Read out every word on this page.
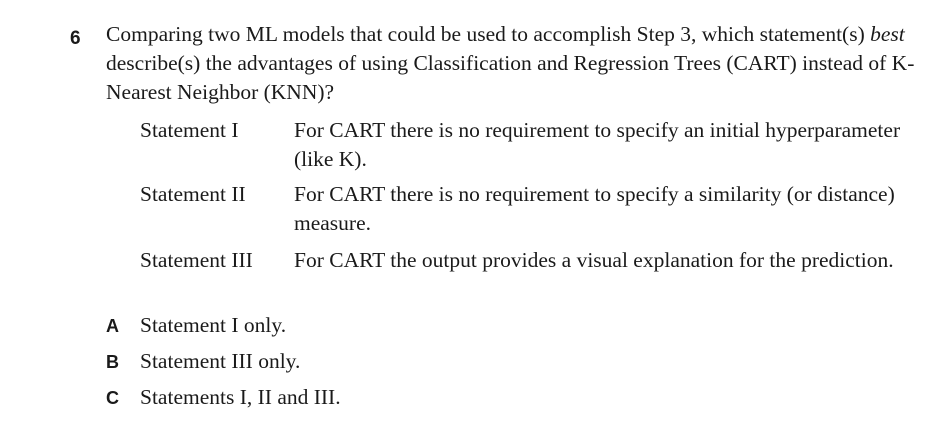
6 Comparing two ML models that could be used to accomplish Step 3, which statement(s) best describe(s) the advantages of using Classification and Regression Trees (CART) instead of K-Nearest Neighbor (KNN)?

Statement I	For CART there is no requirement to specify an initial hyperparameter (like K).
Statement II	For CART there is no requirement to specify a similarity (or distance) measure.
Statement III	For CART the output provides a visual explanation for the prediction.
A Statement I only.
B Statement III only.
C Statements I, II and III.
